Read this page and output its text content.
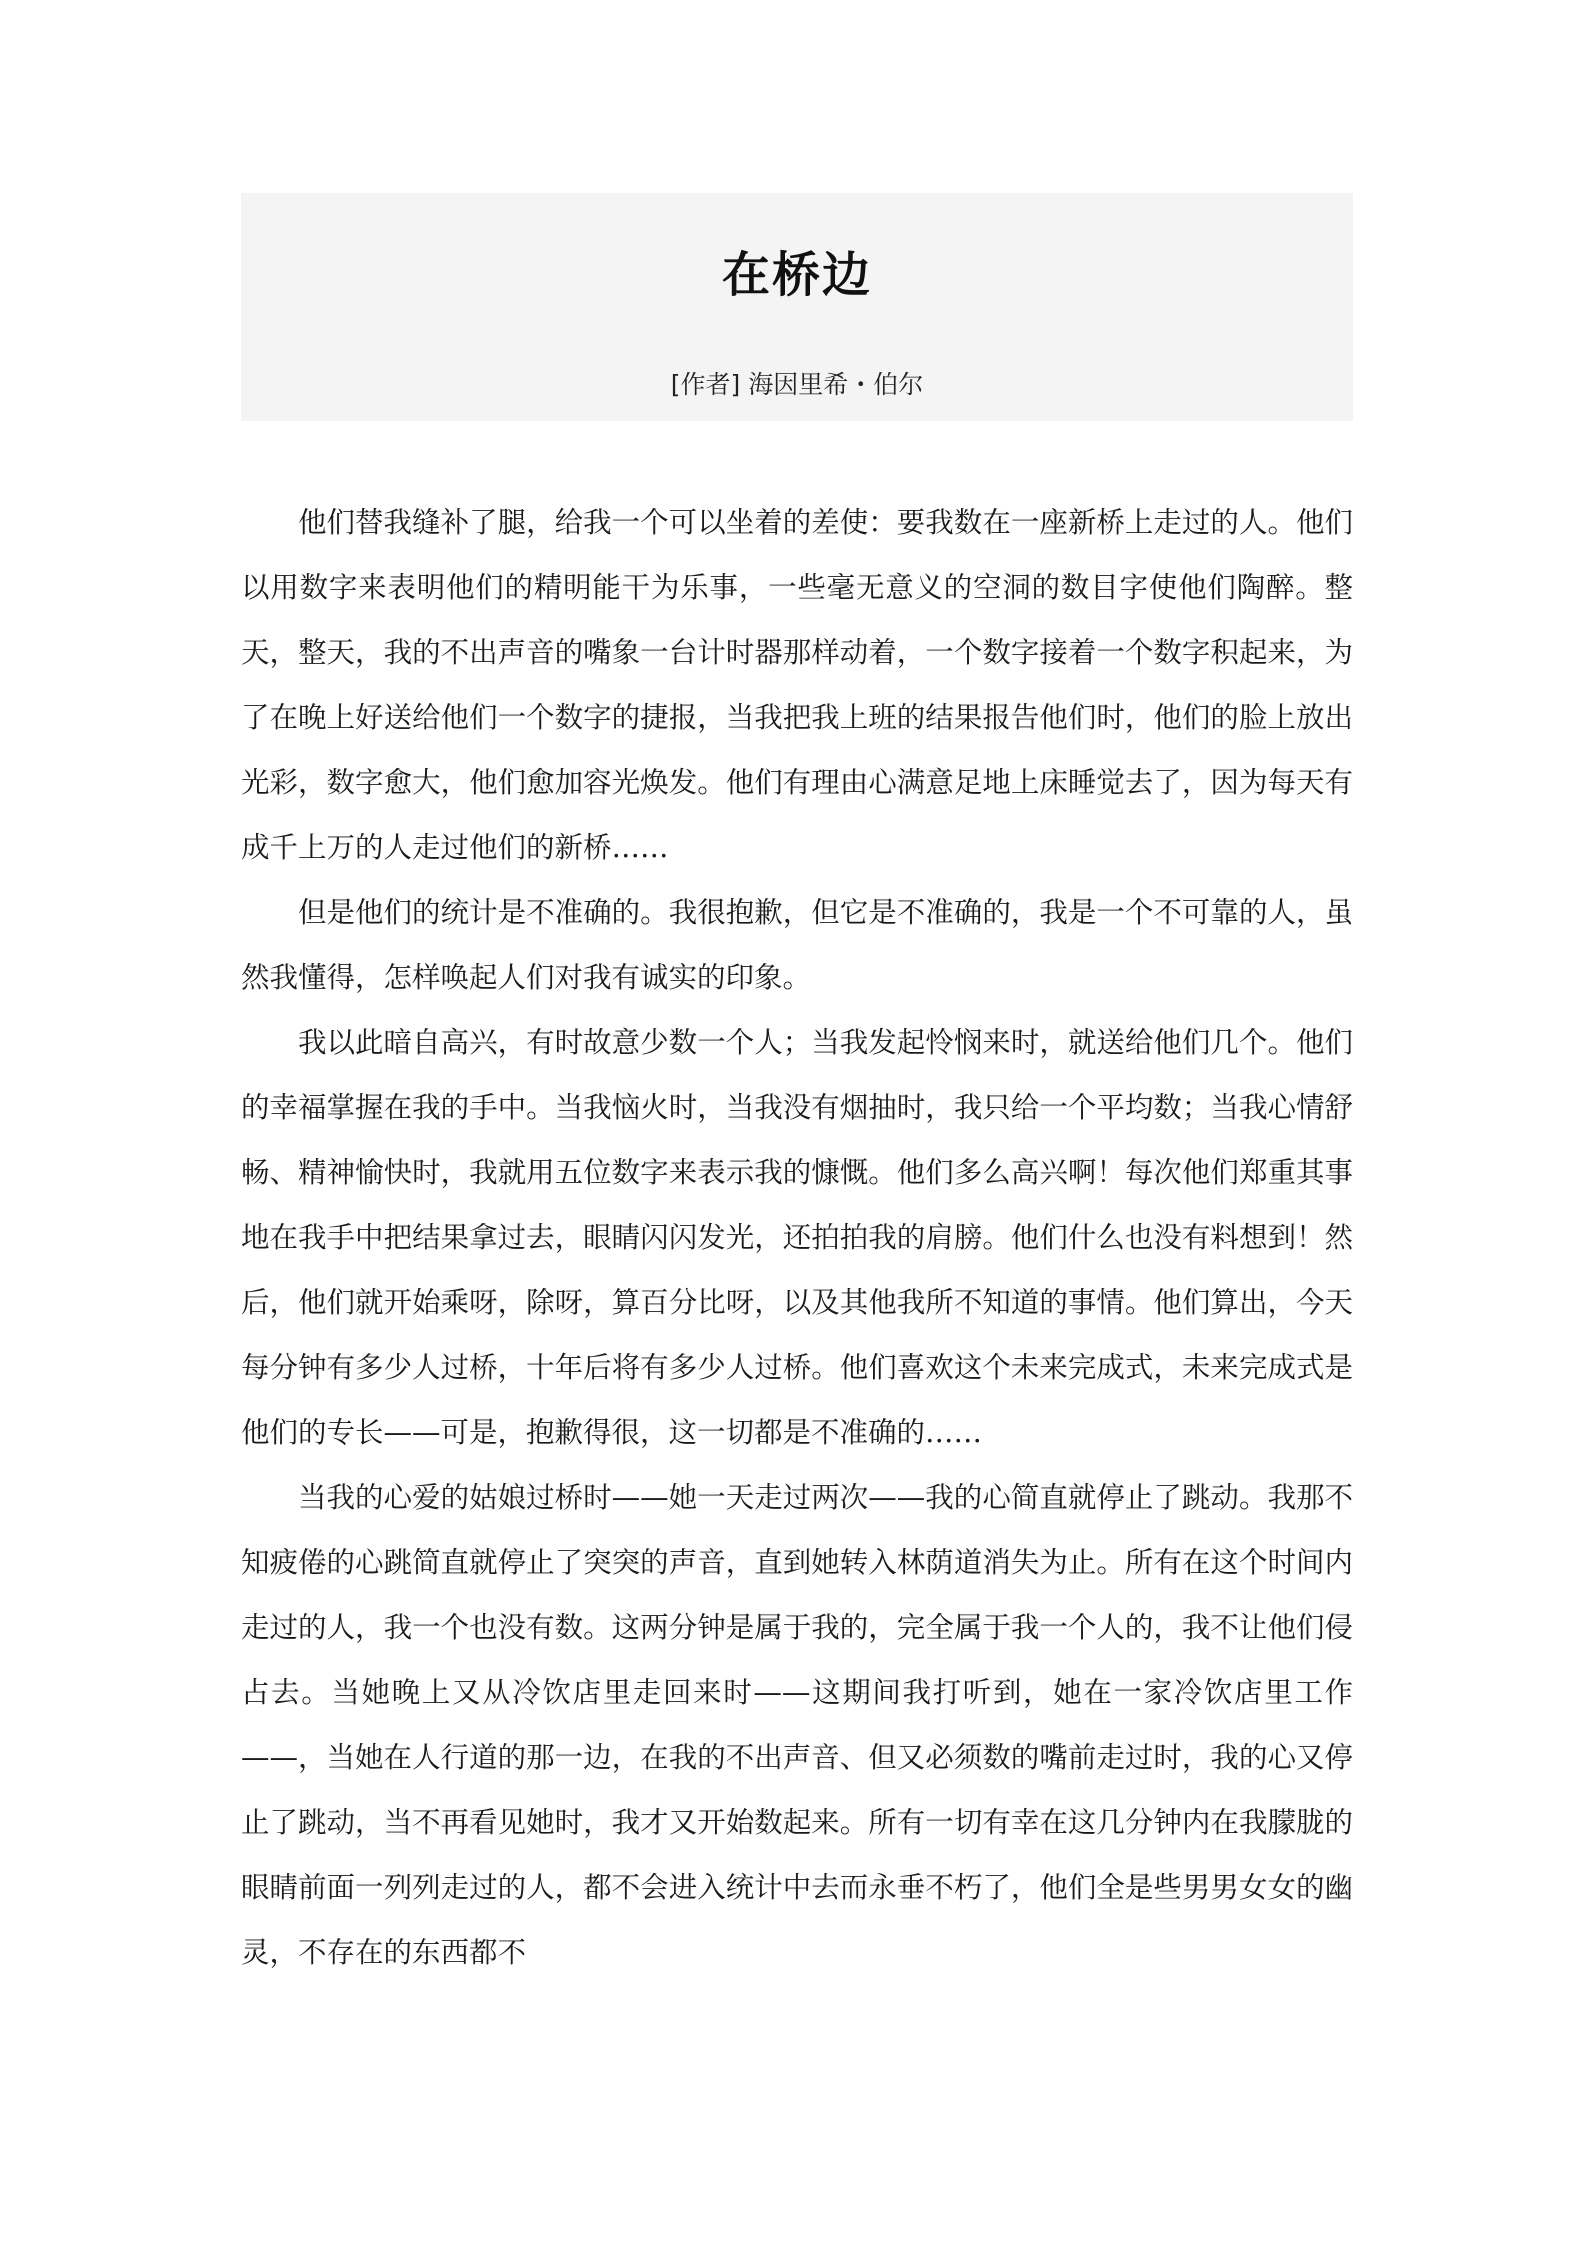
在桥边
[作者] 海因里希・伯尔

他们替我缝补了腿，给我一个可以坐着的差使：要我数在一座新桥上走过的人。他们以用数字来表明他们的精明能干为乐事，一些毫无意义的空洞的数目字使他们陶醉。整天，整天，我的不出声音的嘴象一台计时器那样动着，一个数字接着一个数字积起来，为了在晚上好送给他们一个数字的捷报，当我把我上班的结果报告他们时，他们的脸上放出光彩，数字愈大，他们愈加容光焕发。他们有理由心满意足地上床睡觉去了，因为每天有成千上万的人走过他们的新桥……

但是他们的统计是不准确的。我很抱歉，但它是不准确的，我是一个不可靠的人，虽然我懂得，怎样唤起人们对我有诚实的印象。

我以此暗自高兴，有时故意少数一个人；当我发起怜悯来时，就送给他们几个。他们的幸福掌握在我的手中。当我恼火时，当我没有烟抽时，我只给一个平均数；当我心情舒畅、精神愉快时，我就用五位数字来表示我的慷慨。他们多么高兴啊！每次他们郑重其事地在我手中把结果拿过去，眼睛闪闪发光，还拍拍我的肩膀。他们什么也没有料想到！然后，他们就开始乘呀，除呀，算百分比呀，以及其他我所不知道的事情。他们算出，今天每分钟有多少人过桥，十年后将有多少人过桥。他们喜欢这个未来完成式，未来完成式是他们的专长——可是，抱歉得很，这一切都是不准确的……

当我的心爱的姑娘过桥时——她一天走过两次——我的心简直就停止了跳动。我那不知疲倦的心跳简直就停止了突突的声音，直到她转入林荫道消失为止。所有在这个时间内走过的人，我一个也没有数。这两分钟是属于我的，完全属于我一个人的，我不让他们侵占去。当她晚上又从冷饮店里走回来时——这期间我打听到，她在一家冷饮店里工作——，当她在人行道的那一边，在我的不出声音、但又必须数的嘴前走过时，我的心又停止了跳动，当不再看见她时，我才又开始数起来。所有一切有幸在这几分钟内在我朦胧的眼睛前面一列列走过的人，都不会进入统计中去而永垂不朽了，他们全是些男男女女的幽灵，不存在的东西都不
